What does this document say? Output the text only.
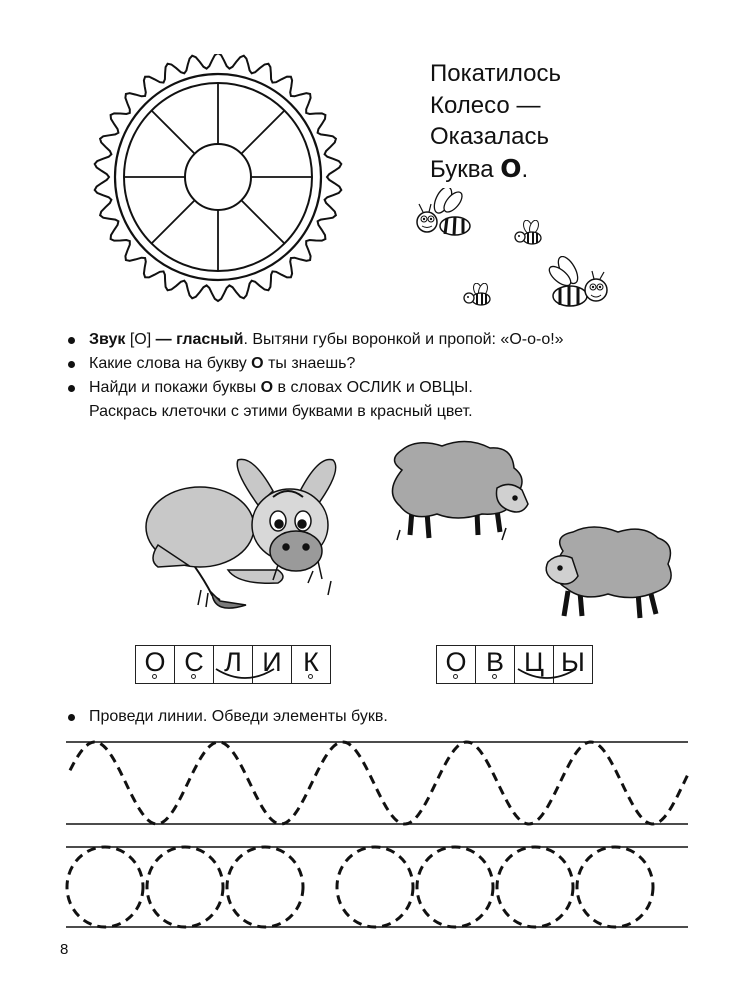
Покатилось
Колесо —
Оказалась
Буква О.
Звук [О] — гласный. Вытяни губы воронкой и пропой: «О-о-о!»
Какие слова на букву О ты знаешь?
Найди и покажи буквы О в словах ОСЛИК и ОВЦЫ.
Раскрась клеточки с этими буквами в красный цвет.
О С Л И К	О В Ц Ы
Проведи линии. Обведи элементы букв.
8
